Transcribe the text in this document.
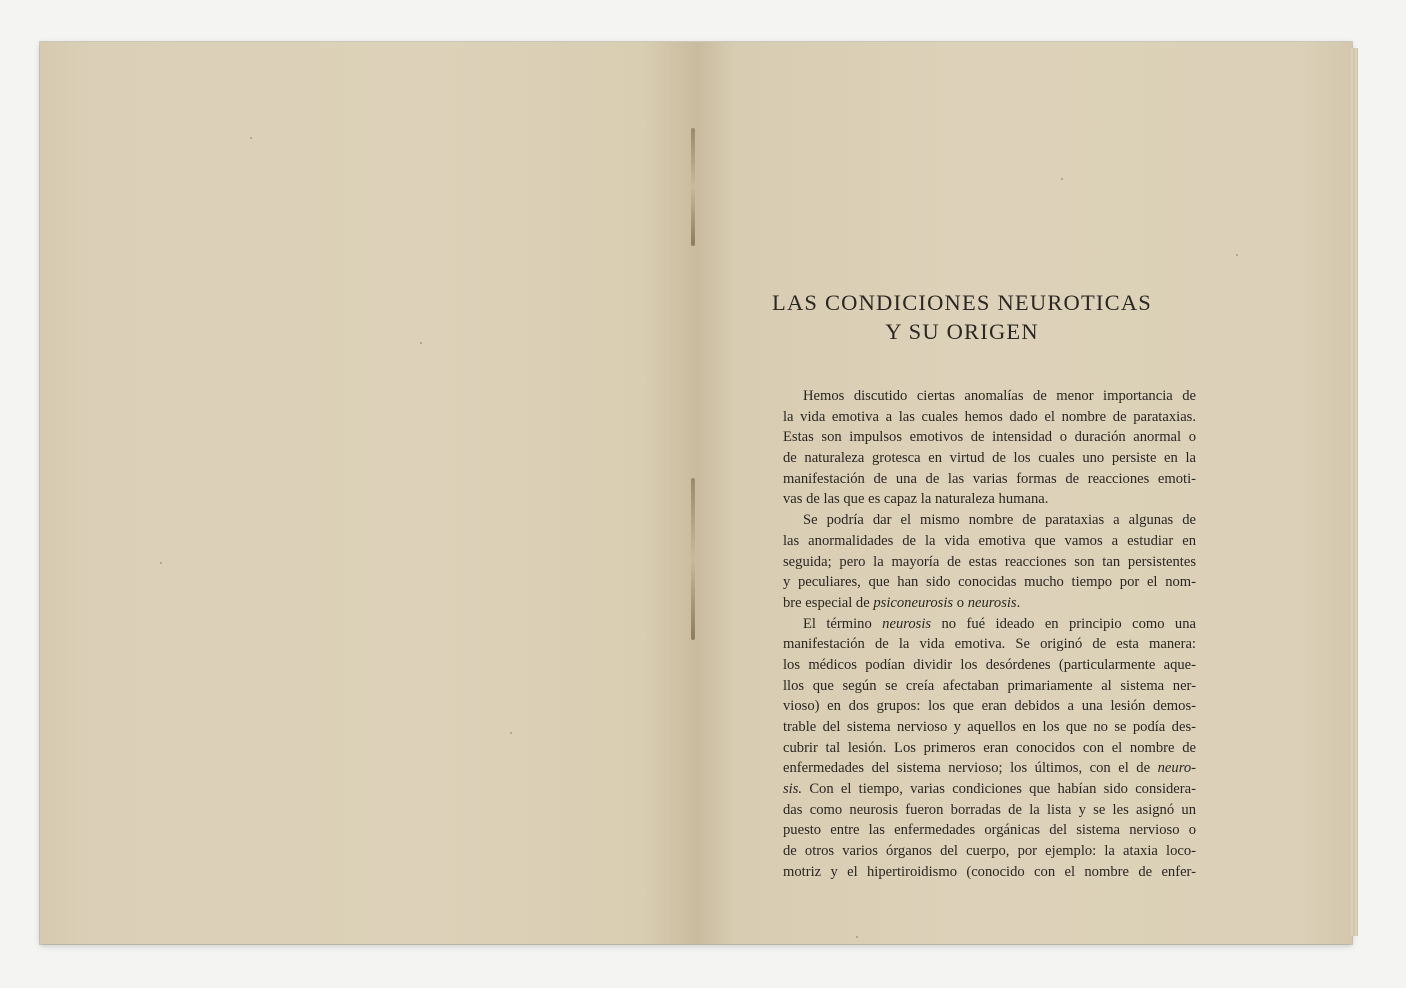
LAS CONDICIONES NEUROTICAS
Y SU ORIGEN
Hemos discutido ciertas anomalías de menor importancia de
la vida emotiva a las cuales hemos dado el nombre de parataxias.
Estas son impulsos emotivos de intensidad o duración anormal o
de naturaleza grotesca en virtud de los cuales uno persiste en la
manifestación de una de las varias formas de reacciones emoti-
vas de las que es capaz la naturaleza humana.
Se podría dar el mismo nombre de parataxias a algunas de
las anormalidades de la vida emotiva que vamos a estudiar en
seguida; pero la mayoría de estas reacciones son tan persistentes
y peculiares, que han sido conocidas mucho tiempo por el nom-
bre especial de psiconeurosis o neurosis.
El término neurosis no fué ideado en principio como una
manifestación de la vida emotiva. Se originó de esta manera:
los médicos podían dividir los desórdenes (particularmente aque-
llos que según se creía afectaban primariamente al sistema ner-
vioso) en dos grupos: los que eran debidos a una lesión demos-
trable del sistema nervioso y aquellos en los que no se podía des-
cubrir tal lesión. Los primeros eran conocidos con el nombre de
enfermedades del sistema nervioso; los últimos, con el de neuro-
sis. Con el tiempo, varias condiciones que habían sido considera-
das como neurosis fueron borradas de la lista y se les asignó un
puesto entre las enfermedades orgánicas del sistema nervioso o
de otros varios órganos del cuerpo, por ejemplo: la ataxia loco-
motriz y el hipertiroidismo (conocido con el nombre de enfer-
